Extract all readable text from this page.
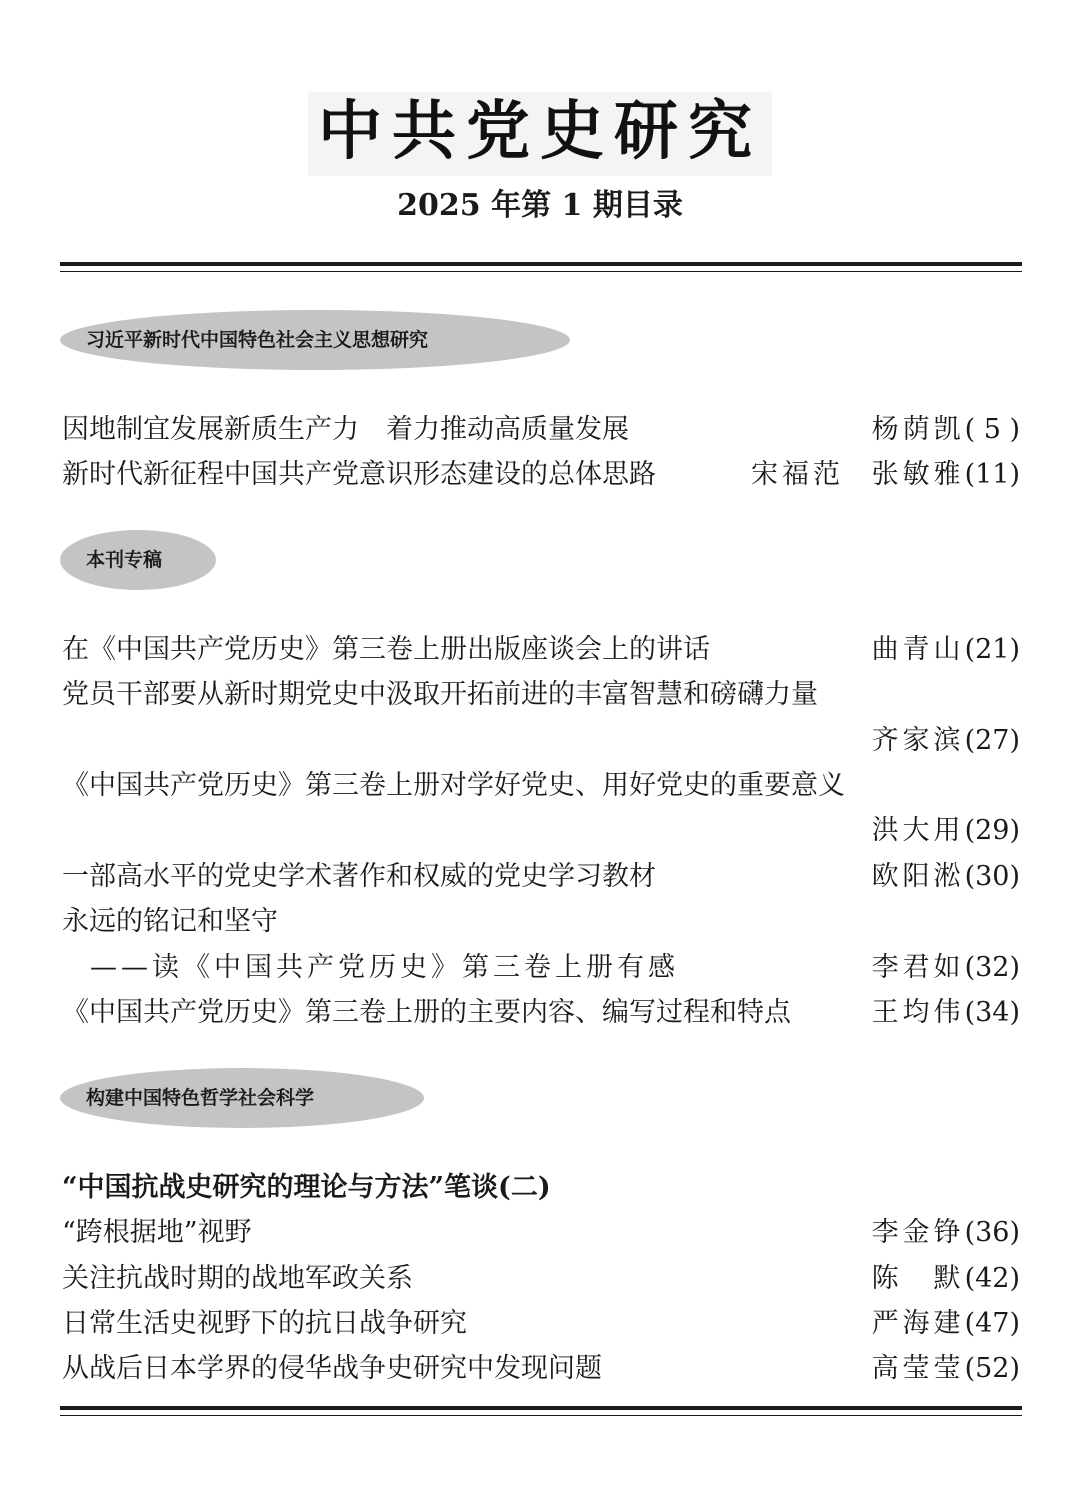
中共党史研究
2025 年第 1 期目录
习近平新时代中国特色社会主义思想研究
因地制宜发展新质生产力　着力推动高质量发展	杨荫凯( 5 )
新时代新征程中国共产党意识形态建设的总体思路	宋福范 张敏雅(11)
本刊专稿
在《中国共产党历史》第三卷上册出版座谈会上的讲话	曲青山(21)
党员干部要从新时期党史中汲取开拓前进的丰富智慧和磅礴力量
齐家滨(27)
《中国共产党历史》第三卷上册对学好党史、用好党史的重要意义
洪大用(29)
一部高水平的党史学术著作和权威的党史学习教材	欧阳淞(30)
永远的铭记和坚守
——读《中国共产党历史》第三卷上册有感	李君如(32)
《中国共产党历史》第三卷上册的主要内容、编写过程和特点	王均伟(34)
构建中国特色哲学社会科学
“中国抗战史研究的理论与方法”笔谈(二)
“跨根据地”视野	李金铮(36)
关注抗战时期的战地军政关系	陈　默(42)
日常生活史视野下的抗日战争研究	严海建(47)
从战后日本学界的侵华战争史研究中发现问题	高莹莹(52)
